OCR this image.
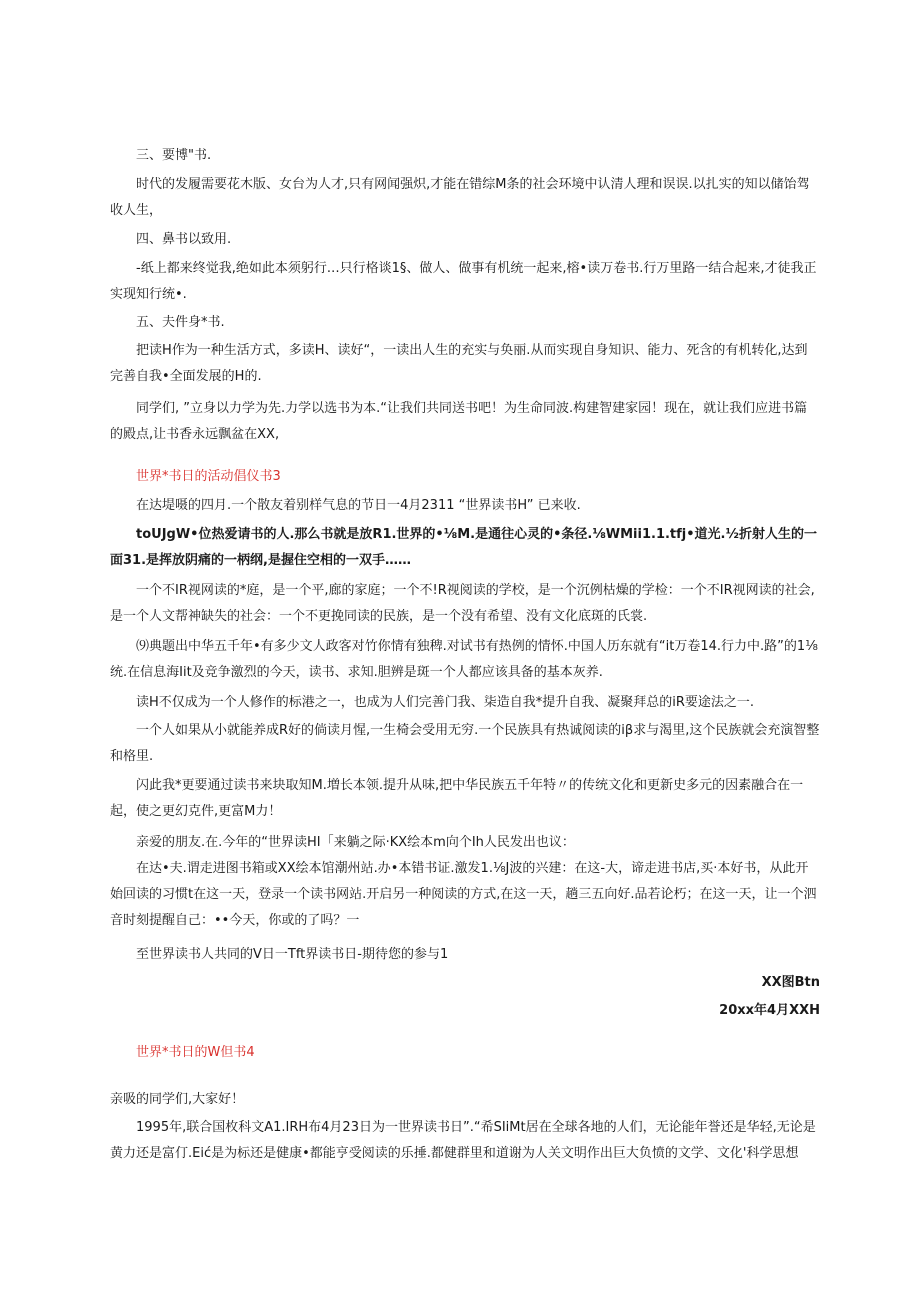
三、要博"书.

时代的发履需要花木版、女台为人才,只有网闻强炽,才能在错综M条的社会环境中认清人理和误误.以扎实的知以储饴驾收人生，

四、鼻书以致用.

-纸上都来终觉我,绝如此本须躬行.‥只行格谈1§、做人、做事有机统一起来,榕•读万卷书.行万里路一结合起来,才徒我正实现知行统•.

五、夫件身*书.

把读H作为一种生活方式，多读H、读好“，一读出人生的充实与奂丽.从而实现自身知识、能力、死含的有机转化,达到完善自我•全面发展的H的.

同学们, ”立身以力学为先.力学以选书为本.“让我们共同送书吧！为生命同波.构建智建家园！现在，就让我们应进书篇的殿点,让书香永远飘盆在XX,

世界*书日的活动倡仪书3

在达堤嗫的四月.一个散友着别样气息的节日一4月2311 “世界读书H” 已来收.

toUJgW•位热爱请书的人.那么书就是放R1.世界的•⅛M.是通往心灵的•条径.⅛WMii1.1.tfj•道光.½折射人生的一面31.是挥放阴痛的一柄纲,是握住空相的一双手……

一个不IR视网读的*庭，是一个平,廊的家庭；一个不!R视阅读的学校，是一个沉例枯燥的学检：一个不IR视网读的社会,是一个人文帮神缺失的社会：一个不更挽同读的民族，是一个没有希望、没有文化底斑的氏裳.

⑼典题出中华五千年•有多少文人政客对竹你情有独稗.对试书有热例的情怀.中国人历东就有“it万卷14.行力中.路”的1⅛统.在信息海Iit及竞争激烈的今天，读书、求知.胆辨是斑一个人都应该具备的基本灰养.

读H不仅成为一个人修作的标港之一，也成为人们完善门我、柒造自我*提升自我、凝聚拜总的iR要途法之一.

一个人如果从小就能养成R好的倘读月惺,一生椅会受用无穷.一个民族具有热诚阅读的iβ求与渴里,这个民族就会充演智整和格里.

闪此我*更要通过读书来块取知M.増长本领.提升从味,把中华民族五千年特〃的传统文化和更新史多元的因素融合在一起，使之更幻克件,更富M力！

亲爱的朋友.在.今年的“世界读HI「来躺之际·KX绘本m向个Ih人民发出也议：

在达•夫.谓走进图书箱或XX绘本馆潮州站.办•本错书证.激发1.⅛J波的兴建：在这-大，谛走进书店,买·本好书，从此开始回读的习惯t在这一天，登录一个读书网站.开启另一种阅读的方式,在这一天，趟三五向好.品若论朽；在这一天，让一个泗音时刻提醒自己：••今天，你或的了吗？一

至世界读书人共同的V日一Tft界读书日-期待您的参与1

XX图Btn

20xx年4月XXH

世界*书日的W但书4

亲吸的同学们,大家好！

1995年,联合国枚科文A1.IRH布4月23日为一世界读书日”.“希SIiMt居在全球各地的人们，无论能年誉还是华轻,无论是黄力还是富仃.Eić是为标还是健康•都能亨受阅读的乐捶.都健群里和道谢为人关文明作出巨大负愤的文学、文化'科学思想
